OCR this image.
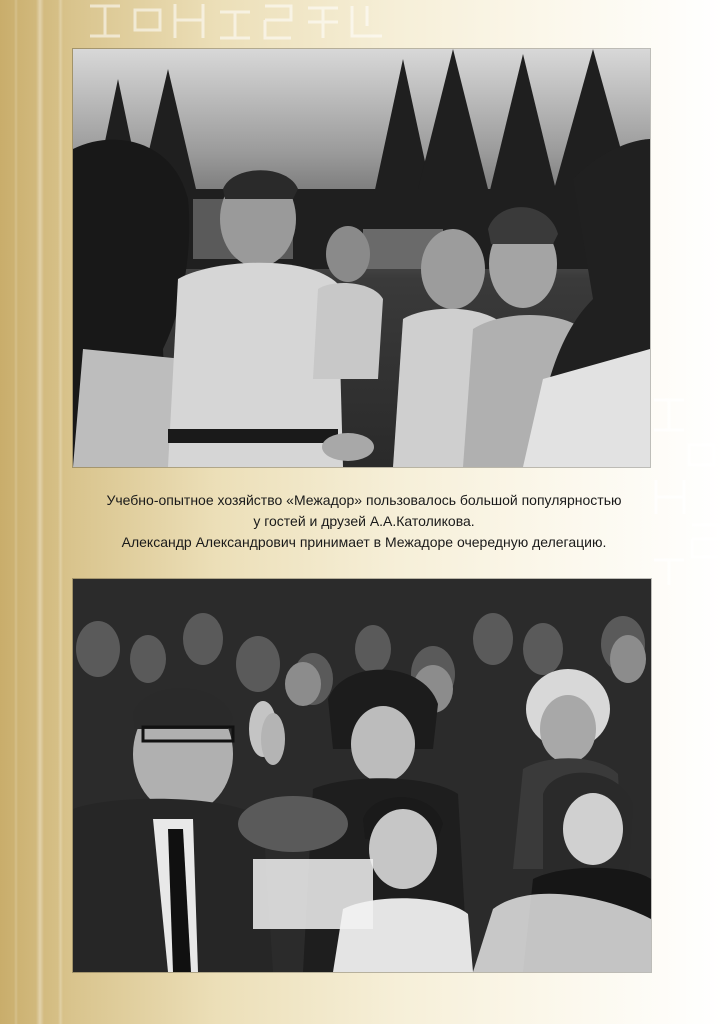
Учебно-опытное хозяйство «Межадор» пользовалось большой популярностью

у гостей и друзей А.А.Католикова.

Александр Александрович принимает в Межадоре очередную делегацию.
